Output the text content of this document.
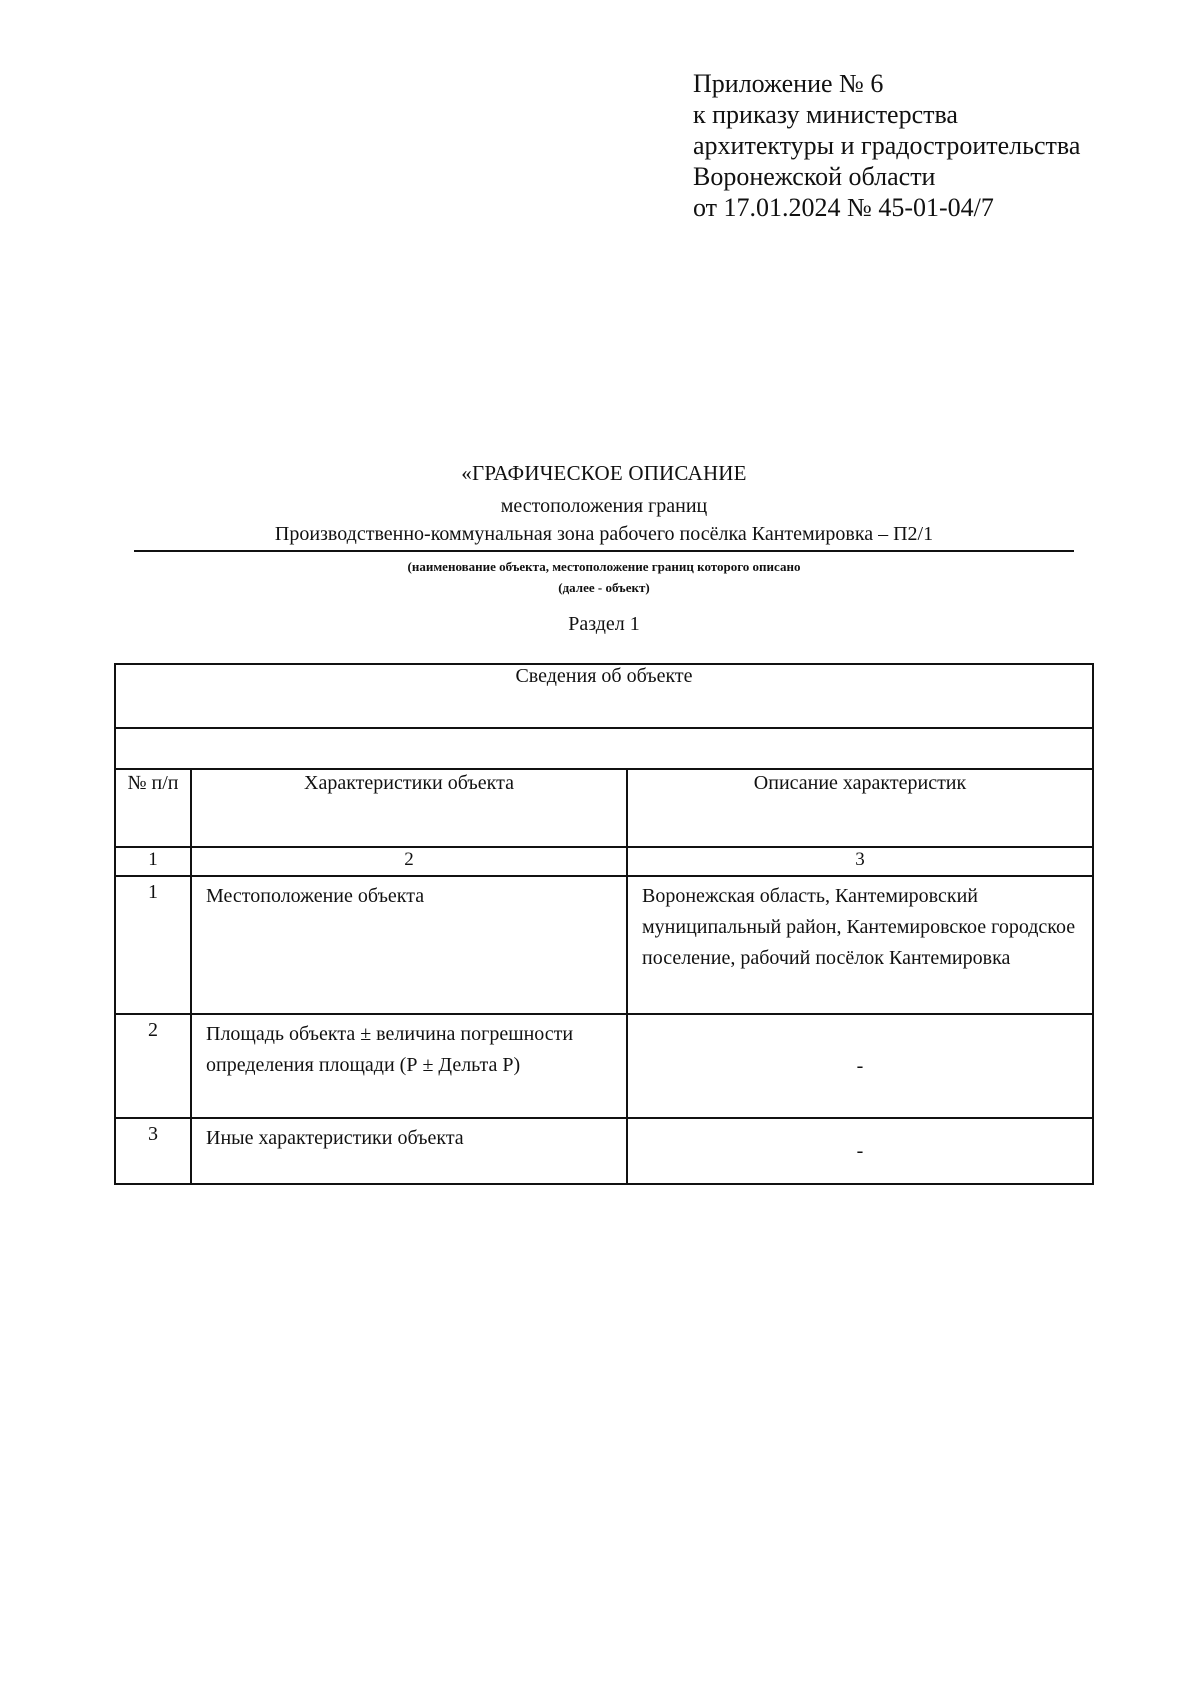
Приложение № 6
к приказу министерства
архитектуры и градостроительства
Воронежской области
от 17.01.2024 № 45-01-04/7
«ГРАФИЧЕСКОЕ ОПИСАНИЕ
местоположения границ
Производственно-коммунальная зона рабочего посёлка Кантемировка – П2/1
(наименование объекта, местоположение границ которого описано
(далее - объект)
Раздел 1
Сведения об объекте		

№ п/п	Характеристики объекта	Описание характеристик
1	2	3
1	Местоположение объекта	Воронежская область, Кантемировский муниципальный район, Кантемировское городское поселение, рабочий посёлок Кантемировка
2	Площадь объекта ± величина погрешности определения площади (Р ± Дельта Р)	-
3	Иные характеристики объекта	-
